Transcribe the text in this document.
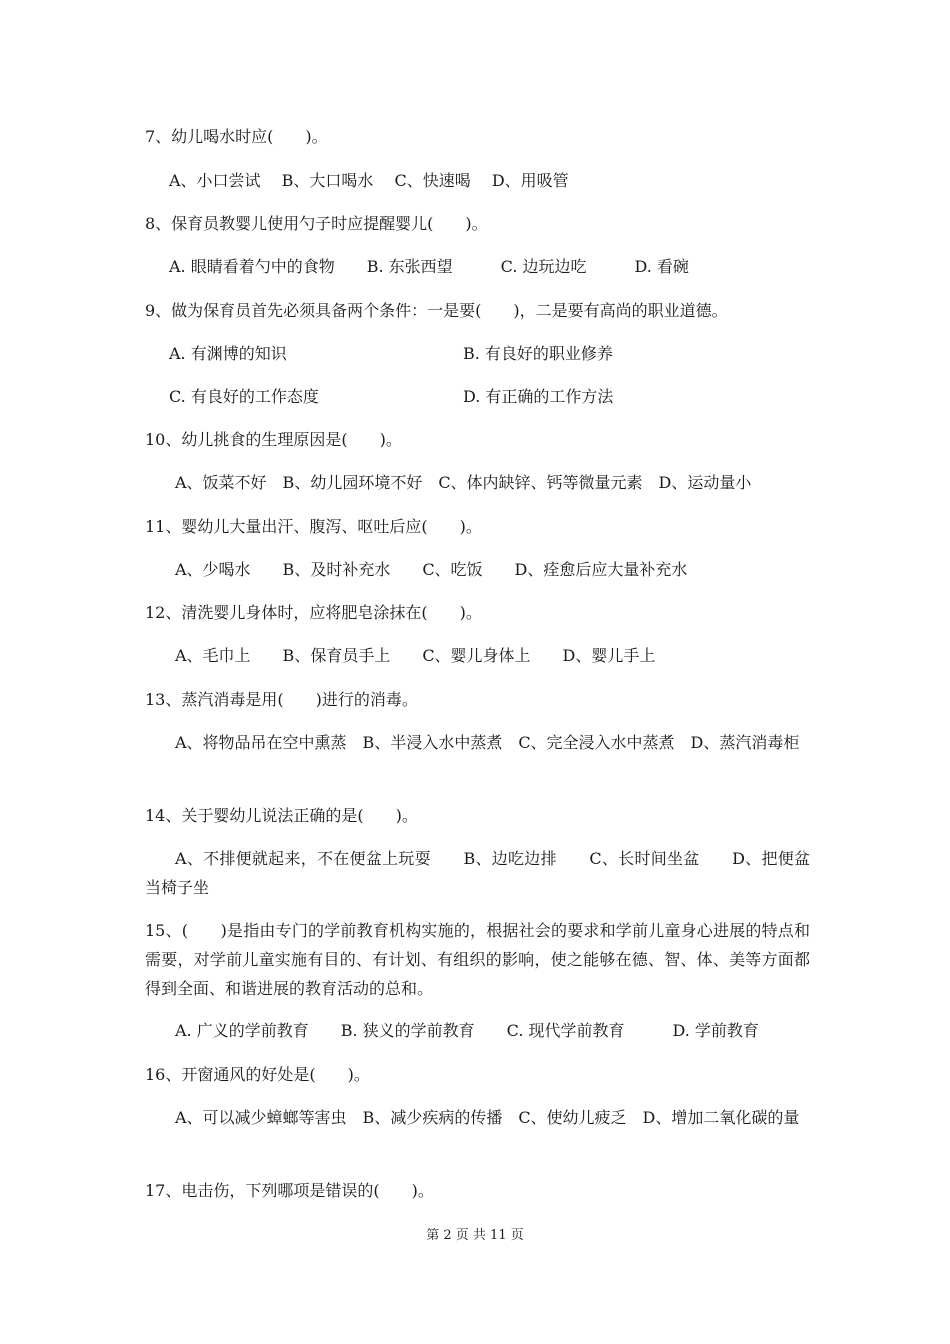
7、幼儿喝水时应(　　)。
A、小口尝试　 B、大口喝水　 C、快速喝　 D、用吸管
8、保育员教婴儿使用勺子时应提醒婴儿(　　)。
A. 眼睛看着勺中的食物　　B. 东张西望　　　C. 边玩边吃　　　D. 看碗
9、做为保育员首先必须具备两个条件：一是要(　　)，二是要有高尚的职业道德。
A. 有渊博的知识	B. 有良好的职业修养
C. 有良好的工作态度	D. 有正确的工作方法
10、幼儿挑食的生理原因是(　　)。
A、饭菜不好　B、幼儿园环境不好　C、体内缺锌、钙等微量元素　D、运动量小
11、婴幼儿大量出汗、腹泻、呕吐后应(　　)。
A、少喝水　　B、及时补充水　　C、吃饭　　D、痊愈后应大量补充水
12、清洗婴儿身体时，应将肥皂涂抹在(　　)。
A、毛巾上　　B、保育员手上　　C、婴儿身体上　　D、婴儿手上
13、蒸汽消毒是用(　　)进行的消毒。
A、将物品吊在空中熏蒸　B、半浸入水中蒸煮　C、完全浸入水中蒸煮　D、蒸汽消毒柜
14、关于婴幼儿说法正确的是(　　)。
A、不排便就起来，不在便盆上玩耍　　B、边吃边排　　C、长时间坐盆　　D、把便盆当椅子坐
15、(　　)是指由专门的学前教育机构实施的，根据社会的要求和学前儿童身心进展的特点和需要，对学前儿童实施有目的、有计划、有组织的影响，使之能够在德、智、体、美等方面都得到全面、和谐进展的教育活动的总和。
A. 广义的学前教育　　B. 狭义的学前教育　　C. 现代学前教育　　　D. 学前教育
16、开窗通风的好处是(　　)。
A、可以减少蟑螂等害虫　B、减少疾病的传播　C、使幼儿疲乏　D、增加二氧化碳的量
17、电击伤，下列哪项是错误的(　　)。
第 2 页 共 11 页
